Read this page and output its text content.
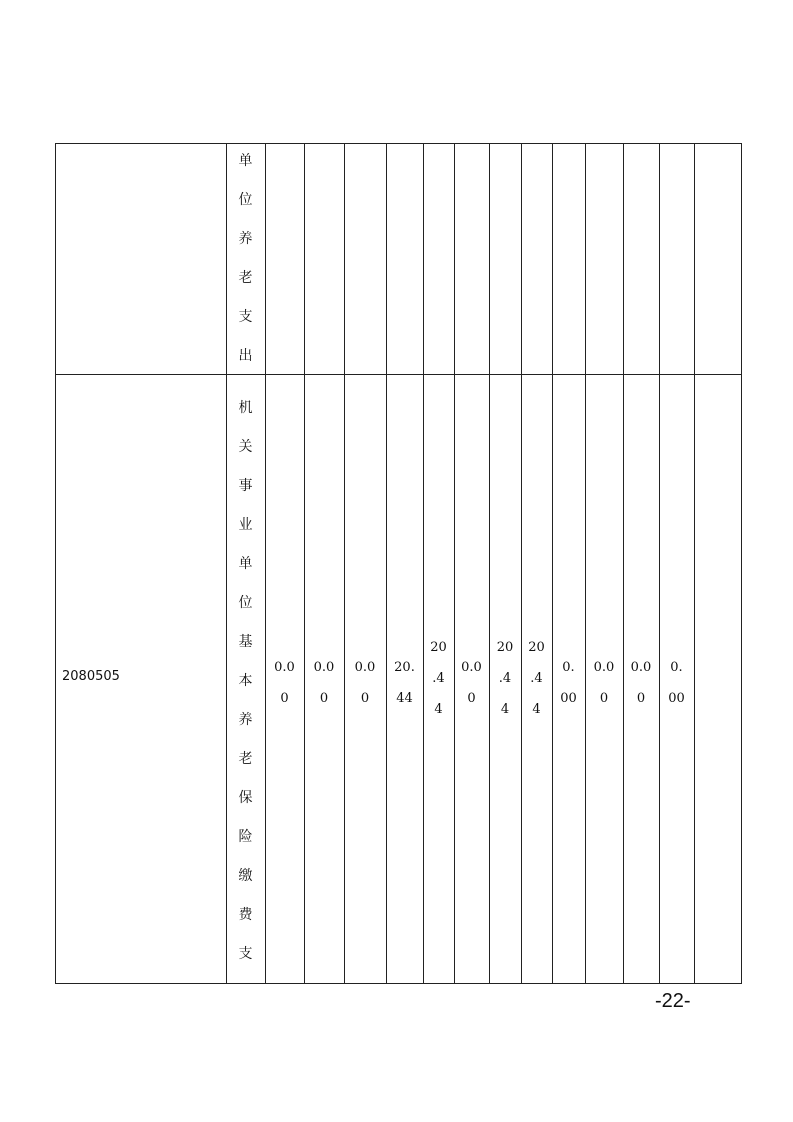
单
位
养
老
支
出
2080505
机
关
事
业
单
位
基
本
养
老
保
险
缴
费
支
0.0
0
0.0
0
0.0
0
20.
44
20
.4
4
0.0
0
20
.4
4
20
.4
4
0.
00
0.0
0
0.0
0
0.
00
-22-
